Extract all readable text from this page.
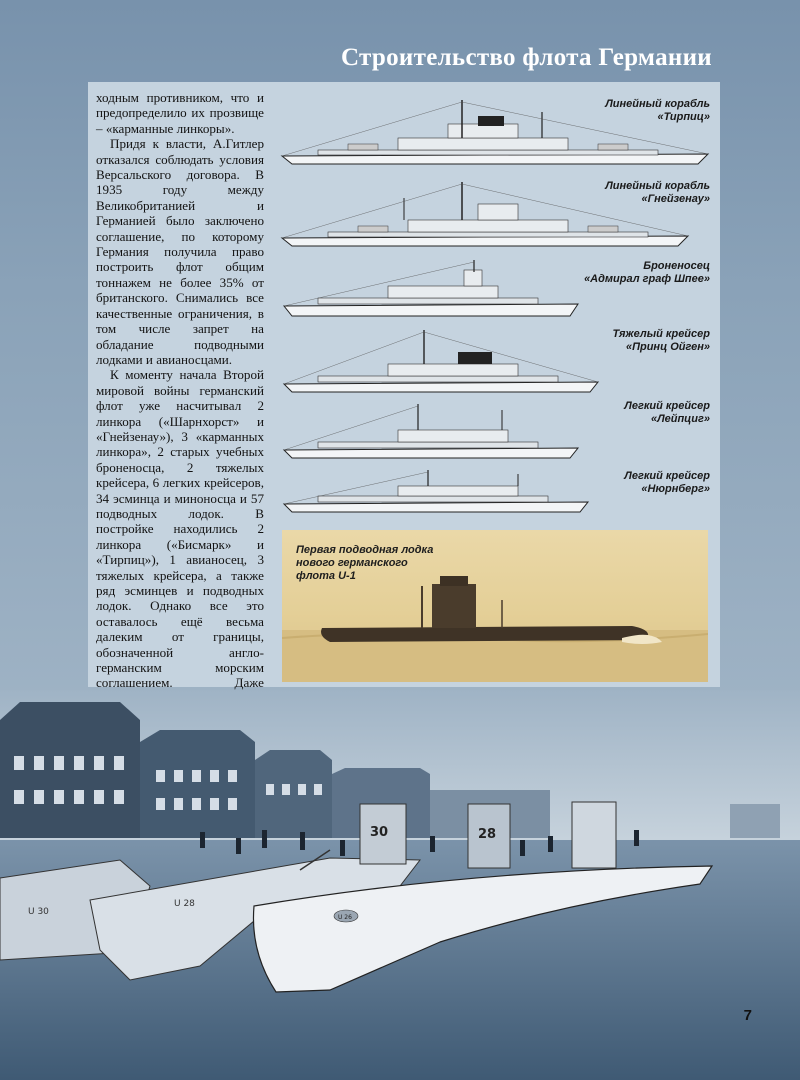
Строительство флота Германии

ходным противником, что и предопределило их прозвище – «карманные линкоры».

Придя к власти, А.Гитлер отказался соблюдать условия Версальского договора. В 1935 году между Великобританией и Германией было заключено соглашение, по которому Германия получила право построить флот общим тоннажем не более 35% от британского. Снимались все качественные ограничения, в том числе запрет на обладание подводными лодками и авианосцами.

К моменту начала Второй мировой войны германский флот уже насчитывал 2 линкора («Шарнхорст» и «Гнейзенау»), 3 «карманных линкора», 2 старых учебных броненосца, 2 тяжелых крейсера, 6 легких крейсеров, 34 эсминца и миноносца и 57 подводных лодок. В постройке находились 2 линкора («Бисмарк» и «Тирпиц»), 1 авианосец, 3 тяжелых крейсера, а также ряд эсминцев и подводных лодок. Однако все это оставалось ещё весьма далеким от границы, обозначенной англо-германским морским соглашением. Даже

Линейный корабль
«Тирпиц»
Линейный корабль
«Гнейзенау»
Броненосец
«Адмирал граф Шпее»
Тяжелый крейсер
«Принц Ойген»
Легкий крейсер
«Лейпциг»
Легкий крейсер
«Нюрнберг»
Первая подводная лодка
нового германского
флота U-1
U 30
30
U 28
28
U 26
7
